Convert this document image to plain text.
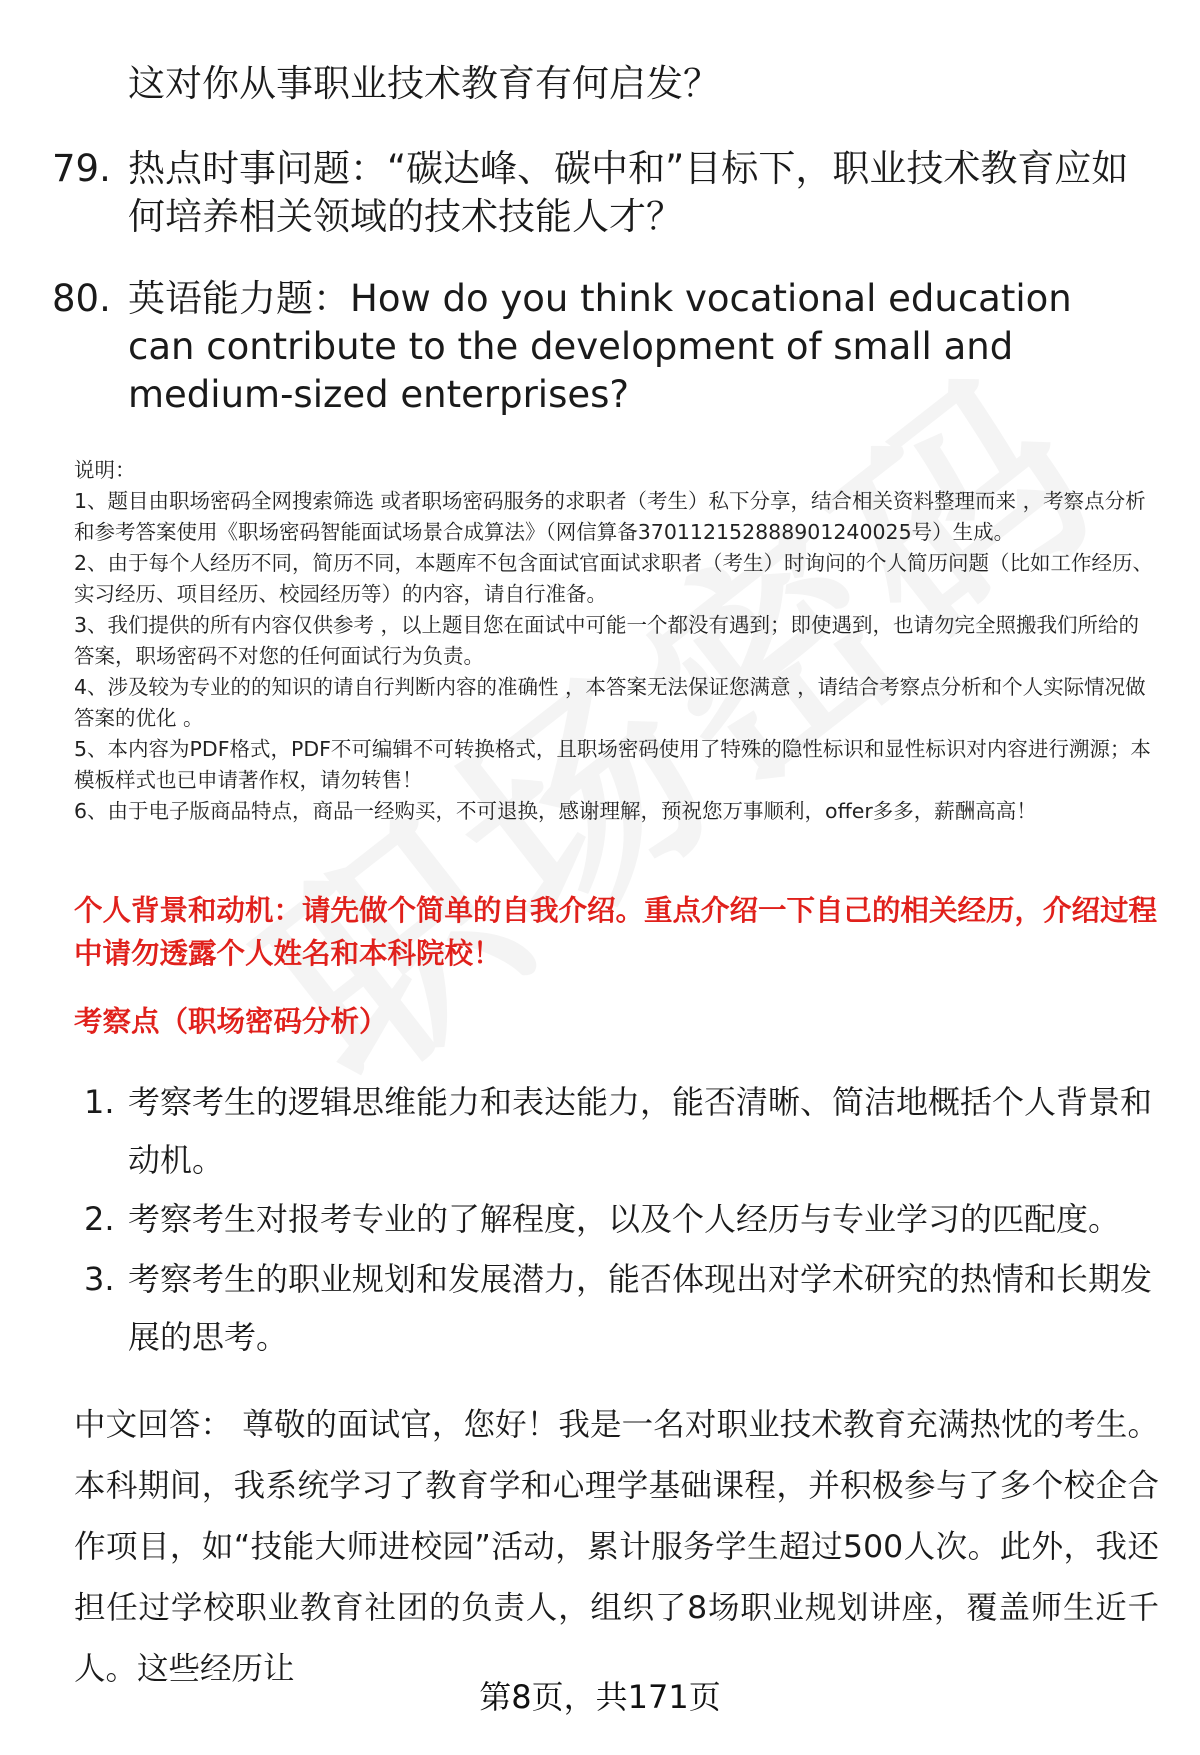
这对你从事职业技术教育有何启发？
79. 热点时事问题：“碳达峰、碳中和”目标下，职业技术教育应如何培养相关领域的技术技能人才？
80. 英语能力题：How do you think vocational education can contribute to the development of small and medium-sized enterprises?
说明：
1、题目由职场密码全网搜索筛选 或者职场密码服务的求职者（考生）私下分享，结合相关资料整理而来 ，考察点分析和参考答案使用《职场密码智能面试场景合成算法》（网信算备370112152888901240025号）生成。
2、由于每个人经历不同，简历不同，本题库不包含面试官面试求职者（考生）时询问的个人简历问题（比如工作经历、实习经历、项目经历、校园经历等）的内容，请自行准备。
3、我们提供的所有内容仅供参考 ，以上题目您在面试中可能一个都没有遇到；即使遇到，也请勿完全照搬我们所给的答案，职场密码不对您的任何面试行为负责。
4、涉及较为专业的的知识的请自行判断内容的准确性 ，本答案无法保证您满意 ，请结合考察点分析和个人实际情况做答案的优化 。
5、本内容为PDF格式，PDF不可编辑不可转换格式，且职场密码使用了特殊的隐性标识和显性标识对内容进行溯源；本模板样式也已申请著作权，请勿转售！
6、由于电子版商品特点，商品一经购买，不可退换，感谢理解，预祝您万事顺利，offer多多，薪酬高高！
个人背景和动机：请先做个简单的自我介绍。重点介绍一下自己的相关经历，介绍过程中请勿透露个人姓名和本科院校！
考察点（职场密码分析）
1. 考察考生的逻辑思维能力和表达能力，能否清晰、简洁地概括个人背景和动机。
2. 考察考生对报考专业的了解程度，以及个人经历与专业学习的匹配度。
3. 考察考生的职业规划和发展潜力，能否体现出对学术研究的热情和长期发展的思考。
中文回答： 尊敬的面试官，您好！我是一名对职业技术教育充满热忱的考生。本科期间，我系统学习了教育学和心理学基础课程，并积极参与了多个校企合作项目，如“技能大师进校园”活动，累计服务学生超过500人次。此外，我还担任过学校职业教育社团的负责人，组织了8场职业规划讲座，覆盖师生近千人。这些经历让
第8页，共171页
